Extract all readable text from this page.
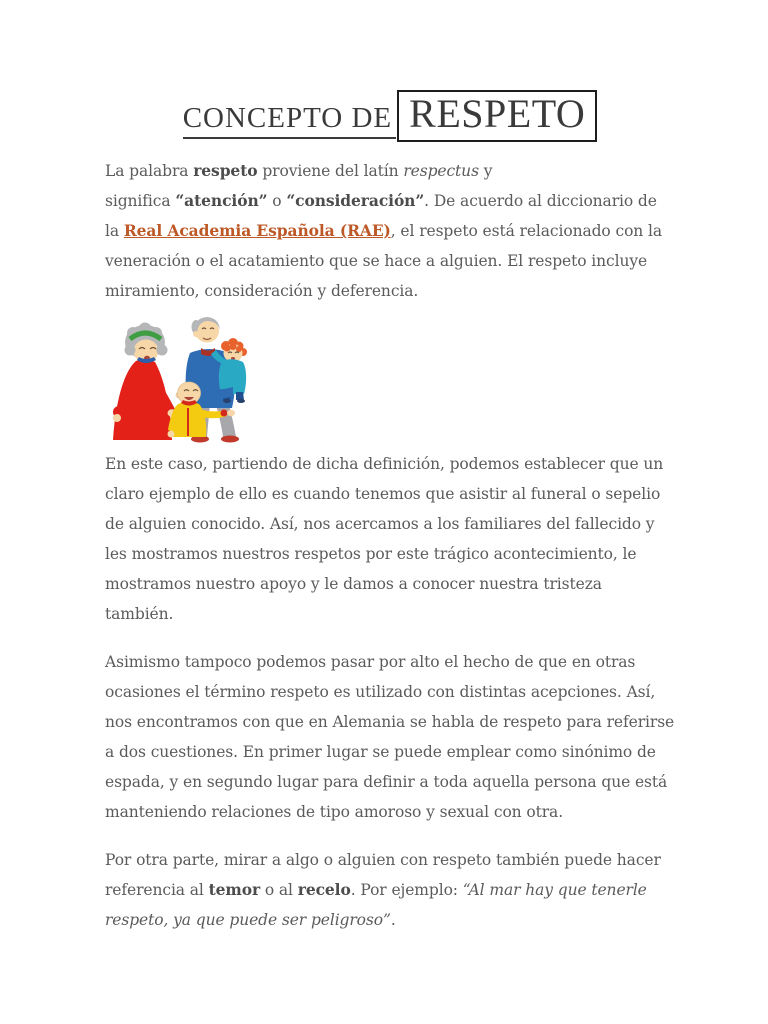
CONCEPTO DE RESPETO

La palabra respeto proviene del latín respectus y
significa “atención” o “consideración”. De acuerdo al diccionario de la Real Academia Española (RAE), el respeto está relacionado con la veneración o el acatamiento que se hace a alguien. El respeto incluye miramiento, consideración y deferencia.

En este caso, partiendo de dicha definición, podemos establecer que un claro ejemplo de ello es cuando tenemos que asistir al funeral o sepelio de alguien conocido. Así, nos acercamos a los familiares del fallecido y les mostramos nuestros respetos por este trágico acontecimiento, le mostramos nuestro apoyo y le damos a conocer nuestra tristeza también.

Asimismo tampoco podemos pasar por alto el hecho de que en otras ocasiones el término respeto es utilizado con distintas acepciones. Así, nos encontramos con que en Alemania se habla de respeto para referirse a dos cuestiones. En primer lugar se puede emplear como sinónimo de espada, y en segundo lugar para definir a toda aquella persona que está manteniendo relaciones de tipo amoroso y sexual con otra.

Por otra parte, mirar a algo o alguien con respeto también puede hacer referencia al temor o al recelo. Por ejemplo: “Al mar hay que tenerle respeto, ya que puede ser peligroso”.
